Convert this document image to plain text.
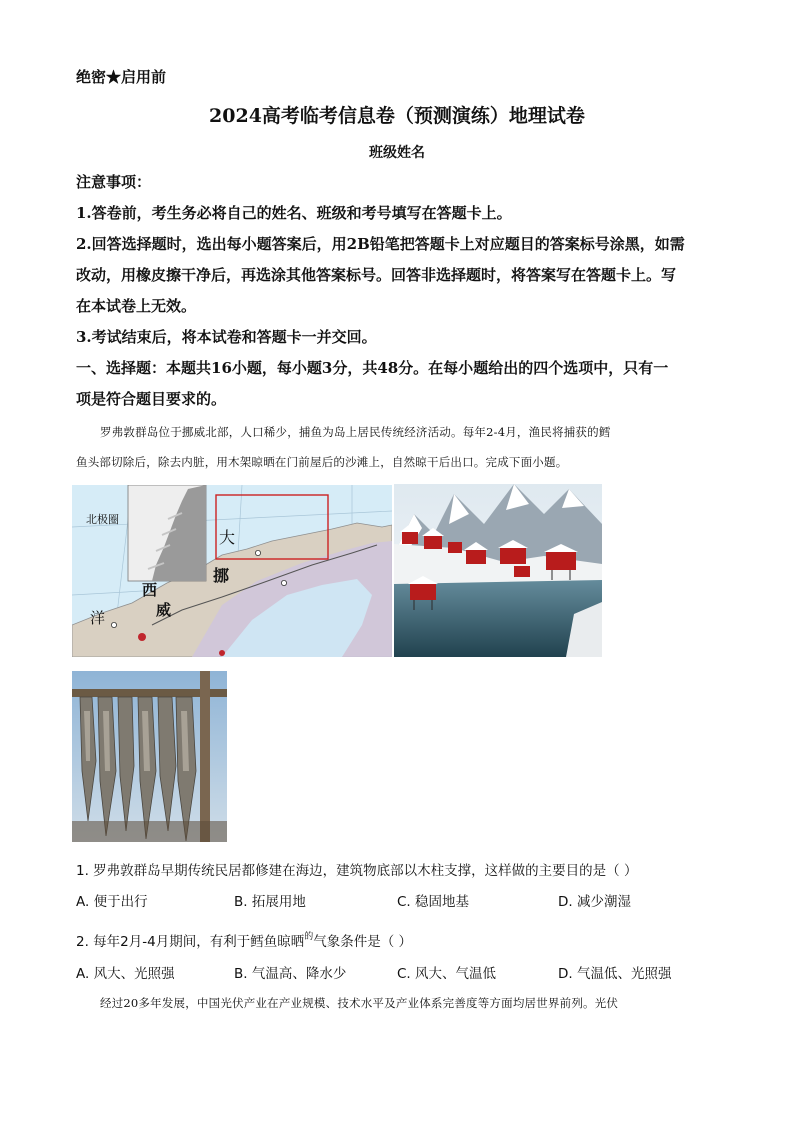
绝密★启用前
2024高考临考信息卷（预测演练）地理试卷
班级姓名
注意事项：
1.答卷前，考生务必将自己的姓名、班级和考号填写在答题卡上。
2.回答选择题时，选出每小题答案后，用2B铅笔把答题卡上对应题目的答案标号涂黑，如需
改动，用橡皮擦干净后，再选涂其他答案标号。回答非选择题时，将答案写在答题卡上。写
在本试卷上无效。
3.考试结束后，将本试卷和答题卡一并交回。
一、选择题：本题共16小题，每小题3分，共48分。在每小题给出的四个选项中，只有一
项是符合题目要求的。
罗弗敦群岛位于挪威北部，人口稀少，捕鱼为岛上居民传统经济活动。每年2-4月，渔民将捕获的鳕
鱼头部切除后，除去内脏，用木架晾晒在门前屋后的沙滩上，自然晾干后出口。完成下面小题。
北极圈
大
挪
西
威
洋
1. 罗弗敦群岛早期传统民居都修建在海边，建筑物底部以木柱支撑，这样做的主要目的是（ ）
A. 便于出行	B. 拓展用地	C. 稳固地基	D. 减少潮湿
2. 每年2月-4月期间，有利于鳕鱼晾晒$^的$气象条件是（ ）
A. 风大、光照强	B. 气温高、降水少	C. 风大、气温低	D. 气温低、光照强
经过20多年发展，中国光伏产业在产业规模、技术水平及产业体系完善度等方面均居世界前列。光伏
